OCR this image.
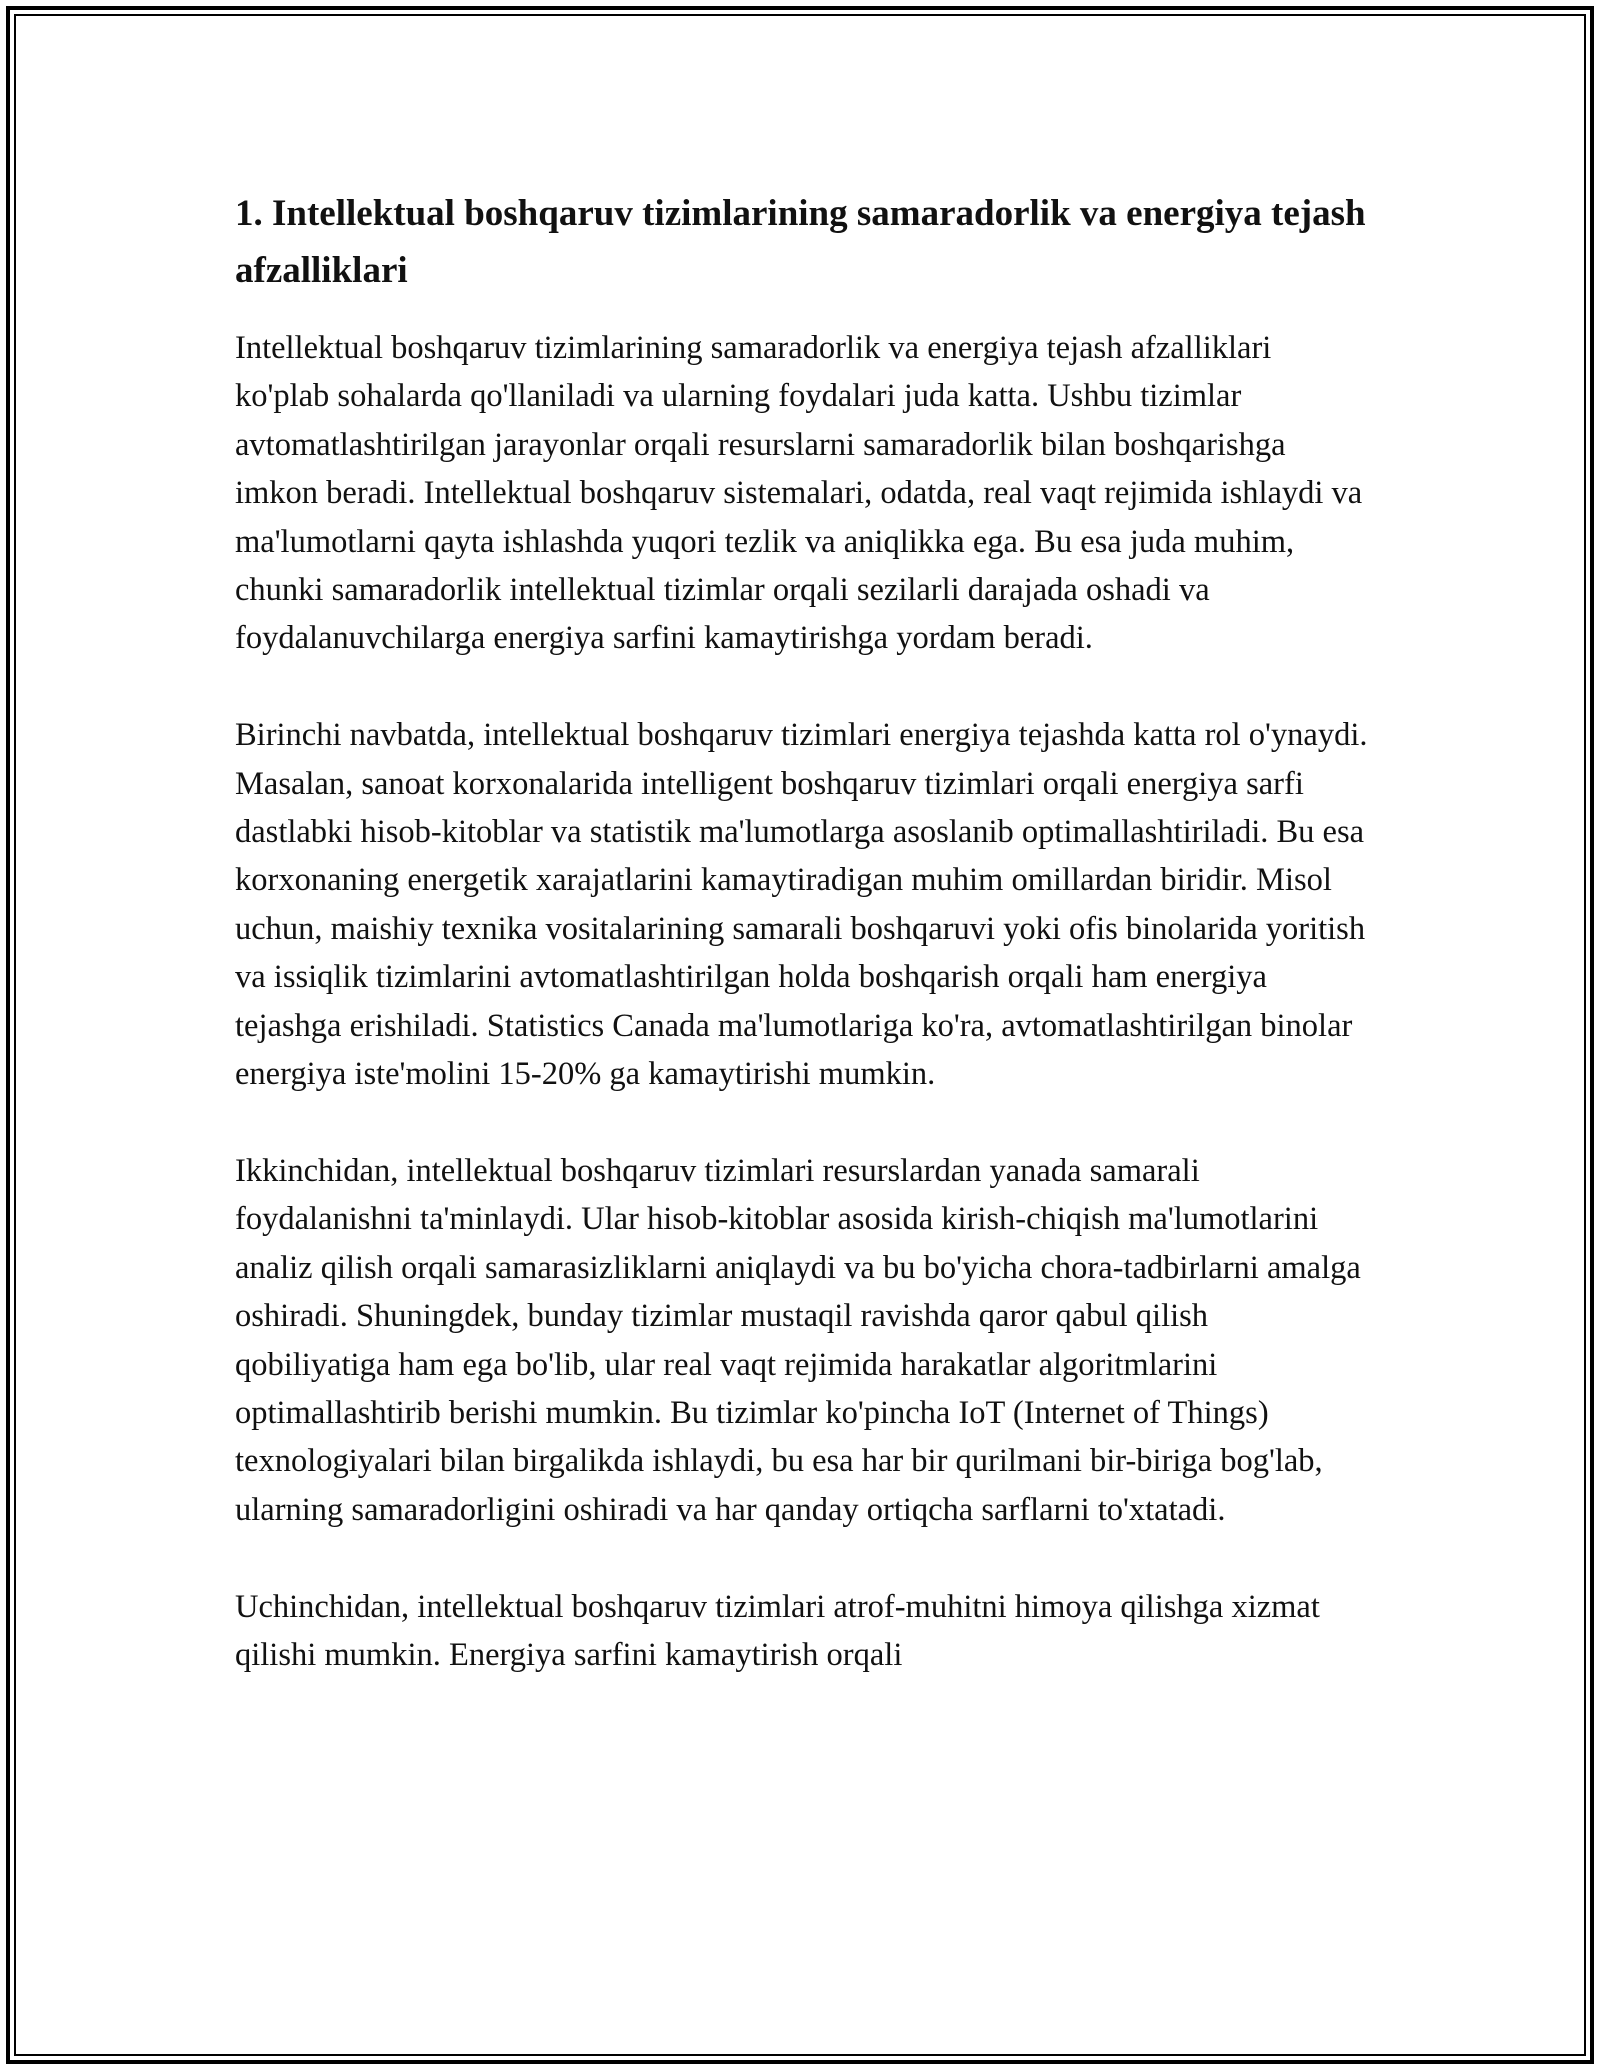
1. Intellektual boshqaruv tizimlarining samaradorlik va energiya tejash afzalliklari

Intellektual boshqaruv tizimlarining samaradorlik va energiya tejash afzalliklari ko'plab sohalarda qo'llaniladi va ularning foydalari juda katta. Ushbu tizimlar avtomatlashtirilgan jarayonlar orqali resurslarni samaradorlik bilan boshqarishga imkon beradi. Intellektual boshqaruv sistemalari, odatda, real vaqt rejimida ishlaydi va ma'lumotlarni qayta ishlashda yuqori tezlik va aniqlikka ega. Bu esa juda muhim, chunki samaradorlik intellektual tizimlar orqali sezilarli darajada oshadi va foydalanuvchilarga energiya sarfini kamaytirishga yordam beradi.

Birinchi navbatda, intellektual boshqaruv tizimlari energiya tejashda katta rol o'ynaydi. Masalan, sanoat korxonalarida intelligent boshqaruv tizimlari orqali energiya sarfi dastlabki hisob-kitoblar va statistik ma'lumotlarga asoslanib optimallashtiriladi. Bu esa korxonaning energetik xarajatlarini kamaytiradigan muhim omillardan biridir. Misol uchun, maishiy texnika vositalarining samarali boshqaruvi yoki ofis binolarida yoritish va issiqlik tizimlarini avtomatlashtirilgan holda boshqarish orqali ham energiya tejashga erishiladi. Statistics Canada ma'lumotlariga ko'ra, avtomatlashtirilgan binolar energiya iste'molini 15-20% ga kamaytirishi mumkin.

Ikkinchidan, intellektual boshqaruv tizimlari resurslardan yanada samarali foydalanishni ta'minlaydi. Ular hisob-kitoblar asosida kirish-chiqish ma'lumotlarini analiz qilish orqali samarasizliklarni aniqlaydi va bu bo'yicha chora-tadbirlarni amalga oshiradi. Shuningdek, bunday tizimlar mustaqil ravishda qaror qabul qilish qobiliyatiga ham ega bo'lib, ular real vaqt rejimida harakatlar algoritmlarini optimallashtirib berishi mumkin. Bu tizimlar ko'pincha IoT (Internet of Things) texnologiyalari bilan birgalikda ishlaydi, bu esa har bir qurilmani bir-biriga bog'lab, ularning samaradorligini oshiradi va har qanday ortiqcha sarflarni to'xtatadi.

Uchinchidan, intellektual boshqaruv tizimlari atrof-muhitni himoya qilishga xizmat qilishi mumkin. Energiya sarfini kamaytirish orqali
